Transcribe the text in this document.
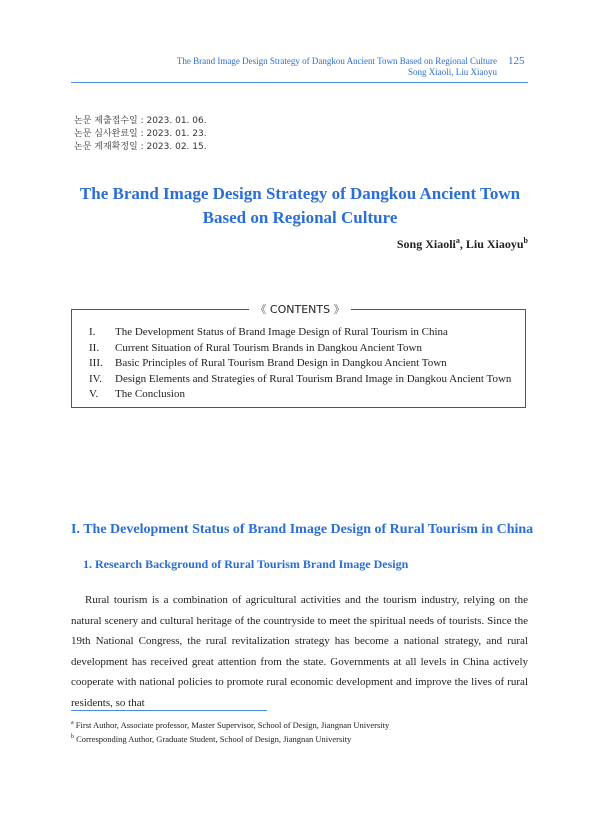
The Brand Image Design Strategy of Dangkou Ancient Town Based on Regional Culture
Song Xiaoli, Liu Xiaoyu
125
논문 제출접수일 : 2023. 01. 06.
논문 심사완료일 : 2023. 01. 23.
논문 게재확정일 : 2023. 02. 15.
The Brand Image Design Strategy of Dangkou Ancient Town Based on Regional Culture
Song Xiaoli$^a$, Liu Xiaoyu$^b$
《 CONTENTS 》
I. The Development Status of Brand Image Design of Rural Tourism in China
II. Current Situation of Rural Tourism Brands in Dangkou Ancient Town
III. Basic Principles of Rural Tourism Brand Design in Dangkou Ancient Town
IV. Design Elements and Strategies of Rural Tourism Brand Image in Dangkou Ancient Town
V. The Conclusion
I. The Development Status of Brand Image Design of Rural Tourism in China
1. Research Background of Rural Tourism Brand Image Design
Rural tourism is a combination of agricultural activities and the tourism industry, relying on the natural scenery and cultural heritage of the countryside to meet the spiritual needs of tourists. Since the 19th National Congress, the rural revitalization strategy has become a national strategy, and rural development has received great attention from the state. Governments at all levels in China actively cooperate with national policies to promote rural economic development and improve the lives of rural residents, so that
$^a$ First Author, Associate professor, Master Supervisor, School of Design, Jiangnan University
$^b$ Corresponding Author, Graduate Student, School of Design, Jiangnan University
